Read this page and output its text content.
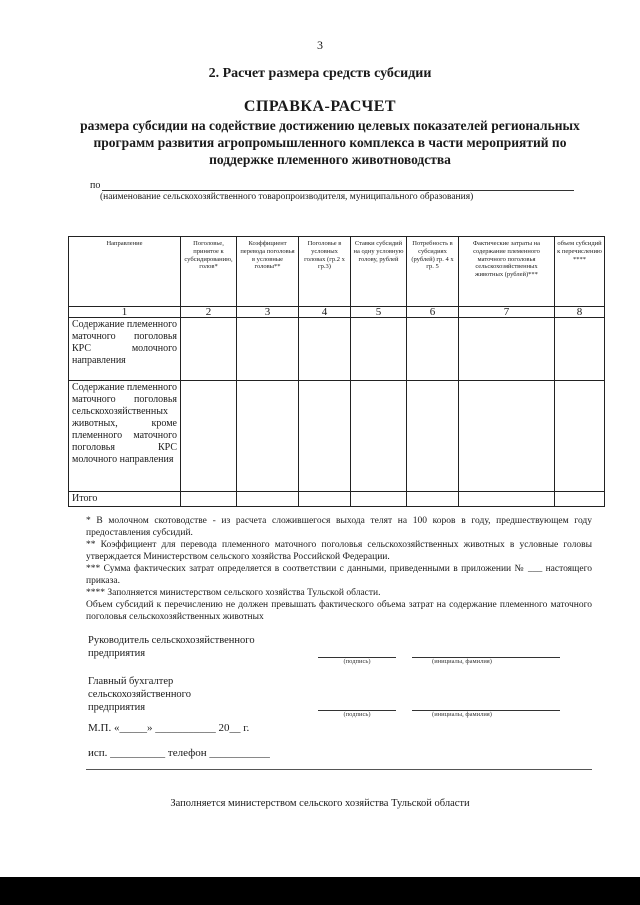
3
2. Расчет размера средств субсидии
СПРАВКА-РАСЧЕТ
размера субсидии на содействие достижению целевых показателей региональных программ развития агропромышленного комплекса в части мероприятий по поддержке племенного животноводства
по
(наименование сельскохозяйственного товаропроизводителя, муниципального образования)
Направление	Поголовье, принятое к субсидированию, голов*	Коэффициент перевода поголовья в условные головы**	Поголовье в условных головах (гр.2 х гр.3)	Ставки субсидий на одну условную голову, рублей	Потребность в субсидиях (рублей) гр. 4 х гр. 5	Фактические затраты на содержание племенного маточного поголовья сельскохозяйственных животных (рублей)***	объем субсидий к перечислению ****
1	2	3	4	5	6	7	8
Содержание племенного маточного поголовья КРС молочного направления							
Содержание племенного маточного поголовья сельскохозяйственных животных, кроме племенного маточного поголовья КРС молочного направления							
Итого							

* В молочном скотоводстве - из расчета сложившегося выхода телят на 100 коров в году, предшествующем году предоставления субсидий.

** Коэффициент для перевода племенного маточного поголовья сельскохозяйственных животных в условные головы утверждается Министерством сельского хозяйства Российской Федерации.

*** Сумма фактических затрат определяется в соответствии с данными, приведенными в приложении № ___ настоящего приказа.

**** Заполняется министерством сельского хозяйства Тульской области.

Объем субсидий к перечислению не должен превышать фактического объема затрат на содержание племенного маточного поголовья сельскохозяйственных животных

Руководитель сельскохозяйственного предприятия
(подпись)	(инициалы, фамилия)
Главный бухгалтер сельскохозяйственного предприятия
(подпись)	(инициалы, фамилия)
М.П. «_____» ___________ 20__ г.
исп. __________ телефон ___________
Заполняется министерством сельского хозяйства Тульской области
